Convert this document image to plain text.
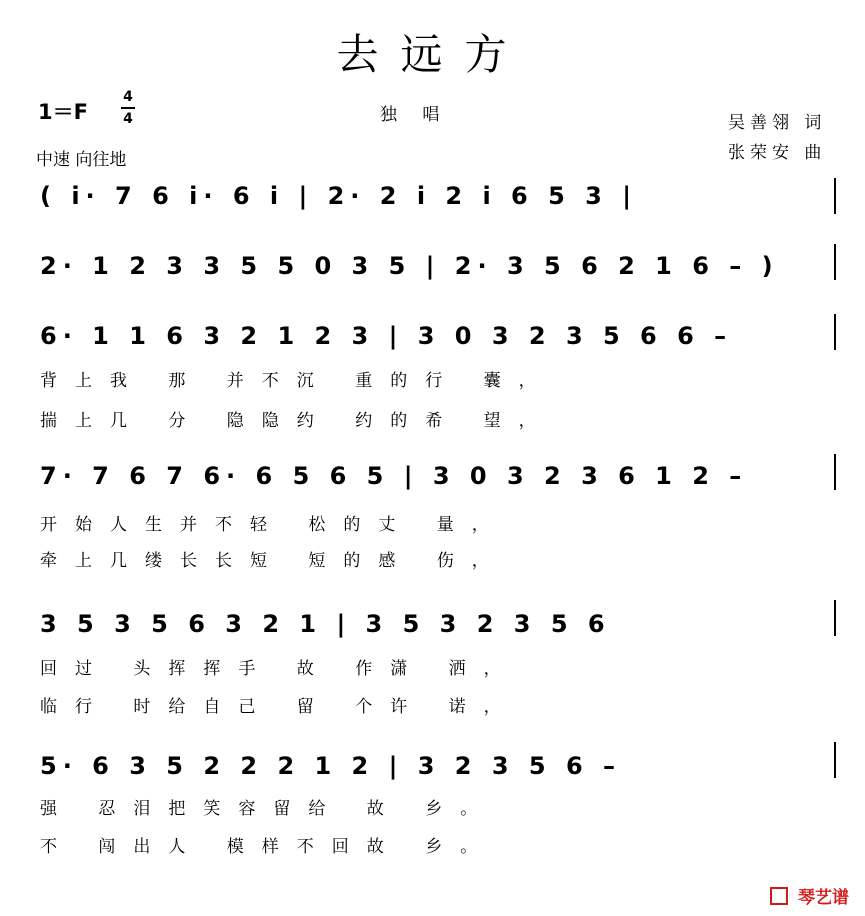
去远方
1＝F
4
4
中速 向往地
独 唱	吴善翎 词
张荣安 曲
( i· 7 6 i· 6 i | 2· 2 i 2 i 6 5 3 |
2· 1 2 3 3 5 5 0 3 5 | 2· 3 5 6 2 1 6 – )
6· 1 1 6 3 2 1 2 3 | 3 0 3 2 3 5 6 6 –
背上我 那 并不沉 重的行 囊，
揣上几 分 隐隐约 约的希 望，
7· 7 6 7 6· 6 5 6 5 | 3 0 3 2 3 6 1 2 –
开始人生并不轻 松的丈 量，
牵上几缕长长短 短的感 伤，
3 5 3 5 6 3 2 1 | 3 5 3 2 3 5 6
回过 头挥挥手 故 作潇 洒，
临行 时给自己 留 个许 诺，
5· 6 3 5 2 2 2 1 2 | 3 2 3 5 6 –
强 忍泪把笑容留给 故 乡。
不 闯出人 模样不回故 乡。
琴艺谱
